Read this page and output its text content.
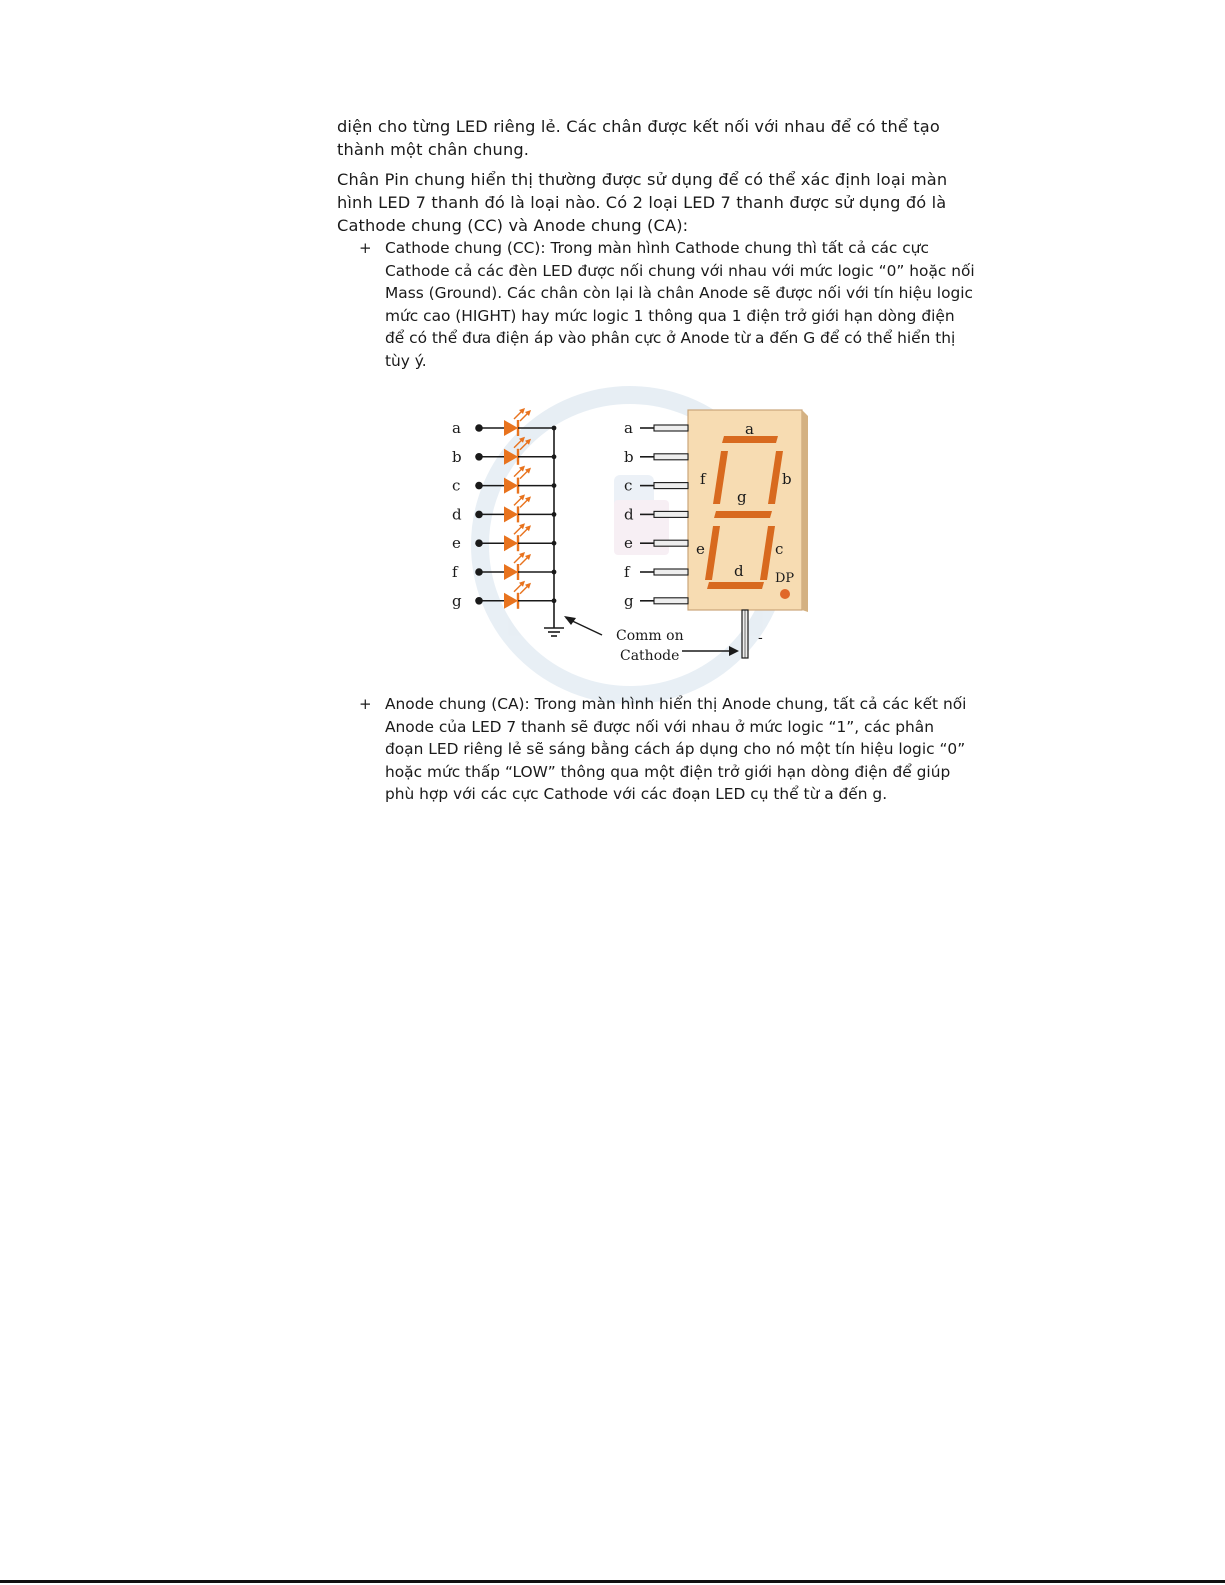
diện cho từng LED riêng lẻ. Các chân được kết nối với nhau để có thể tạo thành một chân chung.
Chân Pin chung hiển thị thường được sử dụng để có thể xác định loại màn hình LED 7 thanh đó là loại nào. Có 2 loại LED 7 thanh được sử dụng đó là Cathode chung (CC) và Anode chung (CA):
+ Cathode chung (CC): Trong màn hình Cathode chung thì tất cả các cực Cathode cả các đèn LED được nối chung với nhau với mức logic “0” hoặc nối Mass (Ground). Các chân còn lại là chân Anode sẽ được nối với tín hiệu logic mức cao (HIGHT) hay mức logic 1 thông qua 1 điện trở giới hạn dòng điện để có thể đưa điện áp vào phân cực ở Anode từ a đến G để có thể hiển thị tùy ý.
a
b
c
d
e
f
g
a
b
f
g
e	c
d DP
a
b
c
d
e
f
g
-
Comm on
Cathode
+ Anode chung (CA): Trong màn hình hiển thị Anode chung, tất cả các kết nối Anode của LED 7 thanh sẽ được nối với nhau ở mức logic “1”, các phân đoạn LED riêng lẻ sẽ sáng bằng cách áp dụng cho nó một tín hiệu logic “0” hoặc mức thấp “LOW” thông qua một điện trở giới hạn dòng điện để giúp phù hợp với các cực Cathode với các đoạn LED cụ thể từ a đến g.
